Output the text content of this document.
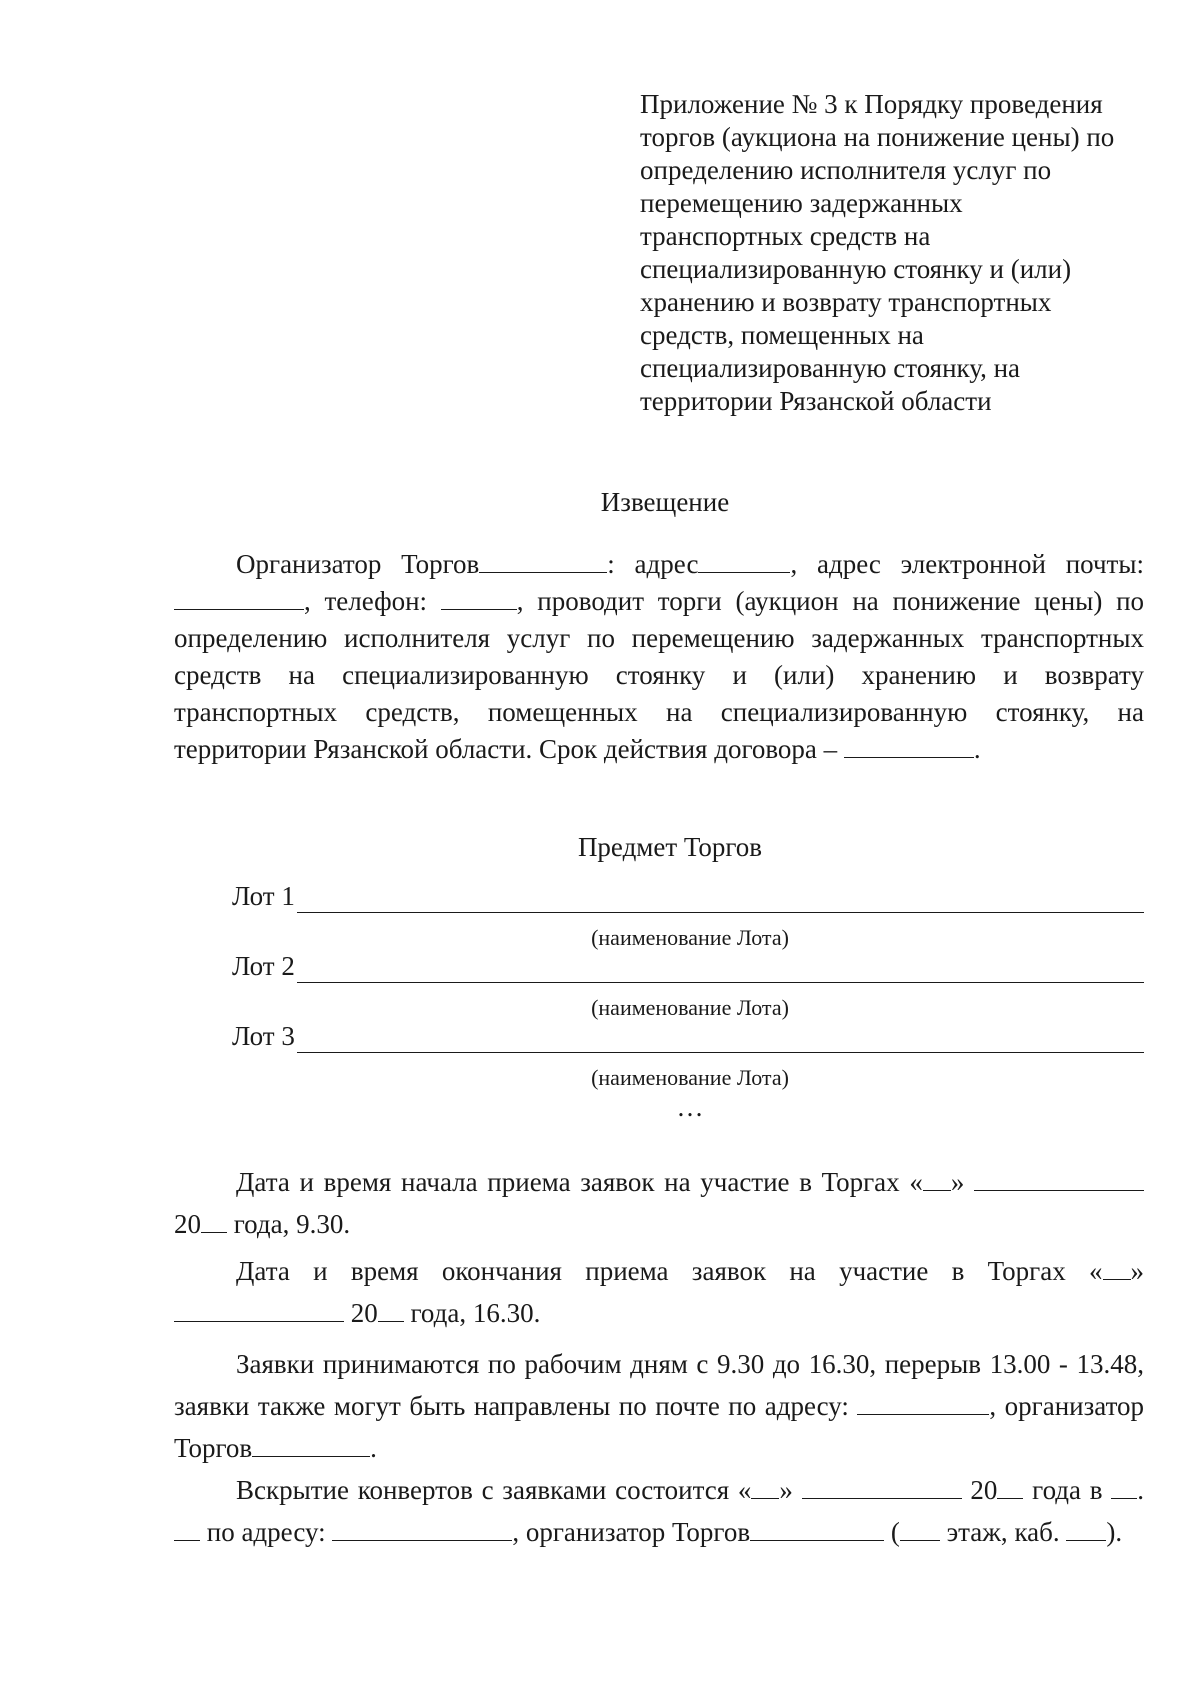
Приложение № 3 к Порядку проведения
торгов (аукциона на понижение цены) по
определению исполнителя услуг по
перемещению задержанных
транспортных средств на
специализированную стоянку и (или)
хранению и возврату транспортных
средств, помещенных на
специализированную стоянку, на
территории Рязанской области
Извещение
Организатор Торгов	: адрес	, адрес электронной почты: , телефон:	, проводит торги (аукцион на понижение цены) по определению исполнителя услуг по перемещению задержанных транспортных средств на специализированную стоянку и (или) хранению и возврату транспортных средств, помещенных на специализированную стоянку, на территории Рязанской области. Срок действия договора –	.
Предмет Торгов
Лот 1
(наименование Лота)
Лот 2
(наименование Лота)
Лот 3
(наименование Лота)
…
Дата и время начала приема заявок на участие в Торгах « »  20 года, 9.30.
Дата и время окончания приема заявок на участие в Торгах « »  20 года, 16.30.
Заявки принимаются по рабочим дням с 9.30 до 16.30, перерыв 13.00 - 13.48, заявки также могут быть направлены по почте по адресу:	, организатор Торгов	.
Вскрытие конвертов с заявками состоится « »	20 года в . по адресу:	, организатор Торгов	( этаж, каб. ).
